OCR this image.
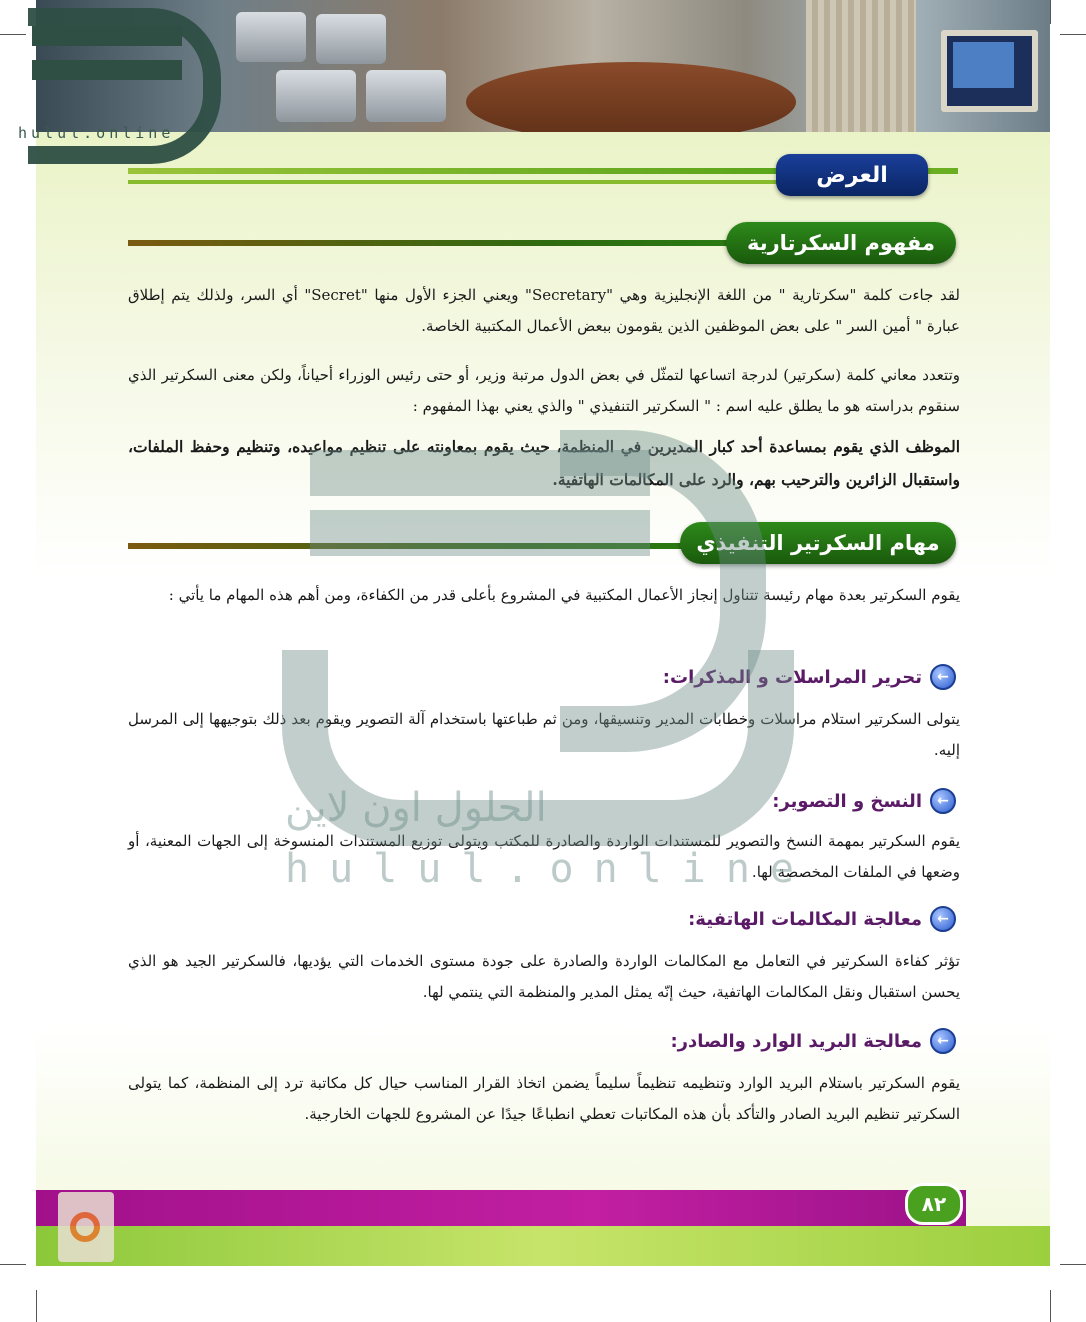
hulul.online
العرض
مفهوم السكرتارية
لقد جاءت كلمة "سكرتارية " من اللغة الإنجليزية وهي "Secretary" ويعني الجزء الأول منها "Secret" أي السر، ولذلك يتم إطلاق عبارة " أمين السر " على بعض الموظفين الذين يقومون ببعض الأعمال المكتبية الخاصة.
وتتعدد معاني كلمة (سكرتير) لدرجة اتساعها لتمثّل في بعض الدول مرتبة وزير، أو حتى رئيس الوزراء أحياناً، ولكن معنى السكرتير الذي سنقوم بدراسته هو ما يطلق عليه اسم : " السكرتير التنفيذي " والذي يعني بهذا المفهوم :
الموظف الذي يقوم بمساعدة أحد كبار المديرين في المنظمة، حيث يقوم بمعاونته على تنظيم مواعيده، وتنظيم وحفظ الملفات، واستقبال الزائرين والترحيب بهم، والرد على المكالمات الهاتفية.
مهام السكرتير التنفيذي
يقوم السكرتير بعدة مهام رئيسة تتناول إنجاز الأعمال المكتبية في المشروع بأعلى قدر من الكفاءة، ومن أهم هذه المهام ما يأتي :
←
تحرير المراسلات و المذكرات:
يتولى السكرتير استلام مراسلات وخطابات المدير وتنسيقها، ومن ثم طباعتها باستخدام آلة التصوير ويقوم بعد ذلك بتوجيهها إلى المرسل إليه.
←
النسخ و التصوير:
يقوم السكرتير بمهمة النسخ والتصوير للمستندات الواردة والصادرة للمكتب ويتولى توزيع المستندات المنسوخة إلى الجهات المعنية، أو وضعها في الملفات المخصصة لها.
←
معالجة المكالمات الهاتفية:
تؤثر كفاءة السكرتير في التعامل مع المكالمات الواردة والصادرة على جودة مستوى الخدمات التي يؤديها، فالسكرتير الجيد هو الذي يحسن استقبال ونقل المكالمات الهاتفية، حيث إنّه يمثل المدير والمنظمة التي ينتمي لها.
←
معالجة البريد الوارد والصادر:
يقوم السكرتير باستلام البريد الوارد وتنظيمه تنظيماً سليماً يضمن اتخاذ القرار المناسب حيال كل مكاتبة ترد إلى المنظمة، كما يتولى السكرتير تنظيم البريد الصادر والتأكد بأن هذه المكاتبات تعطي انطباعًا جيدًا عن المشروع للجهات الخارجية.
الحلول اون لاين
hulul.online
٨٢
